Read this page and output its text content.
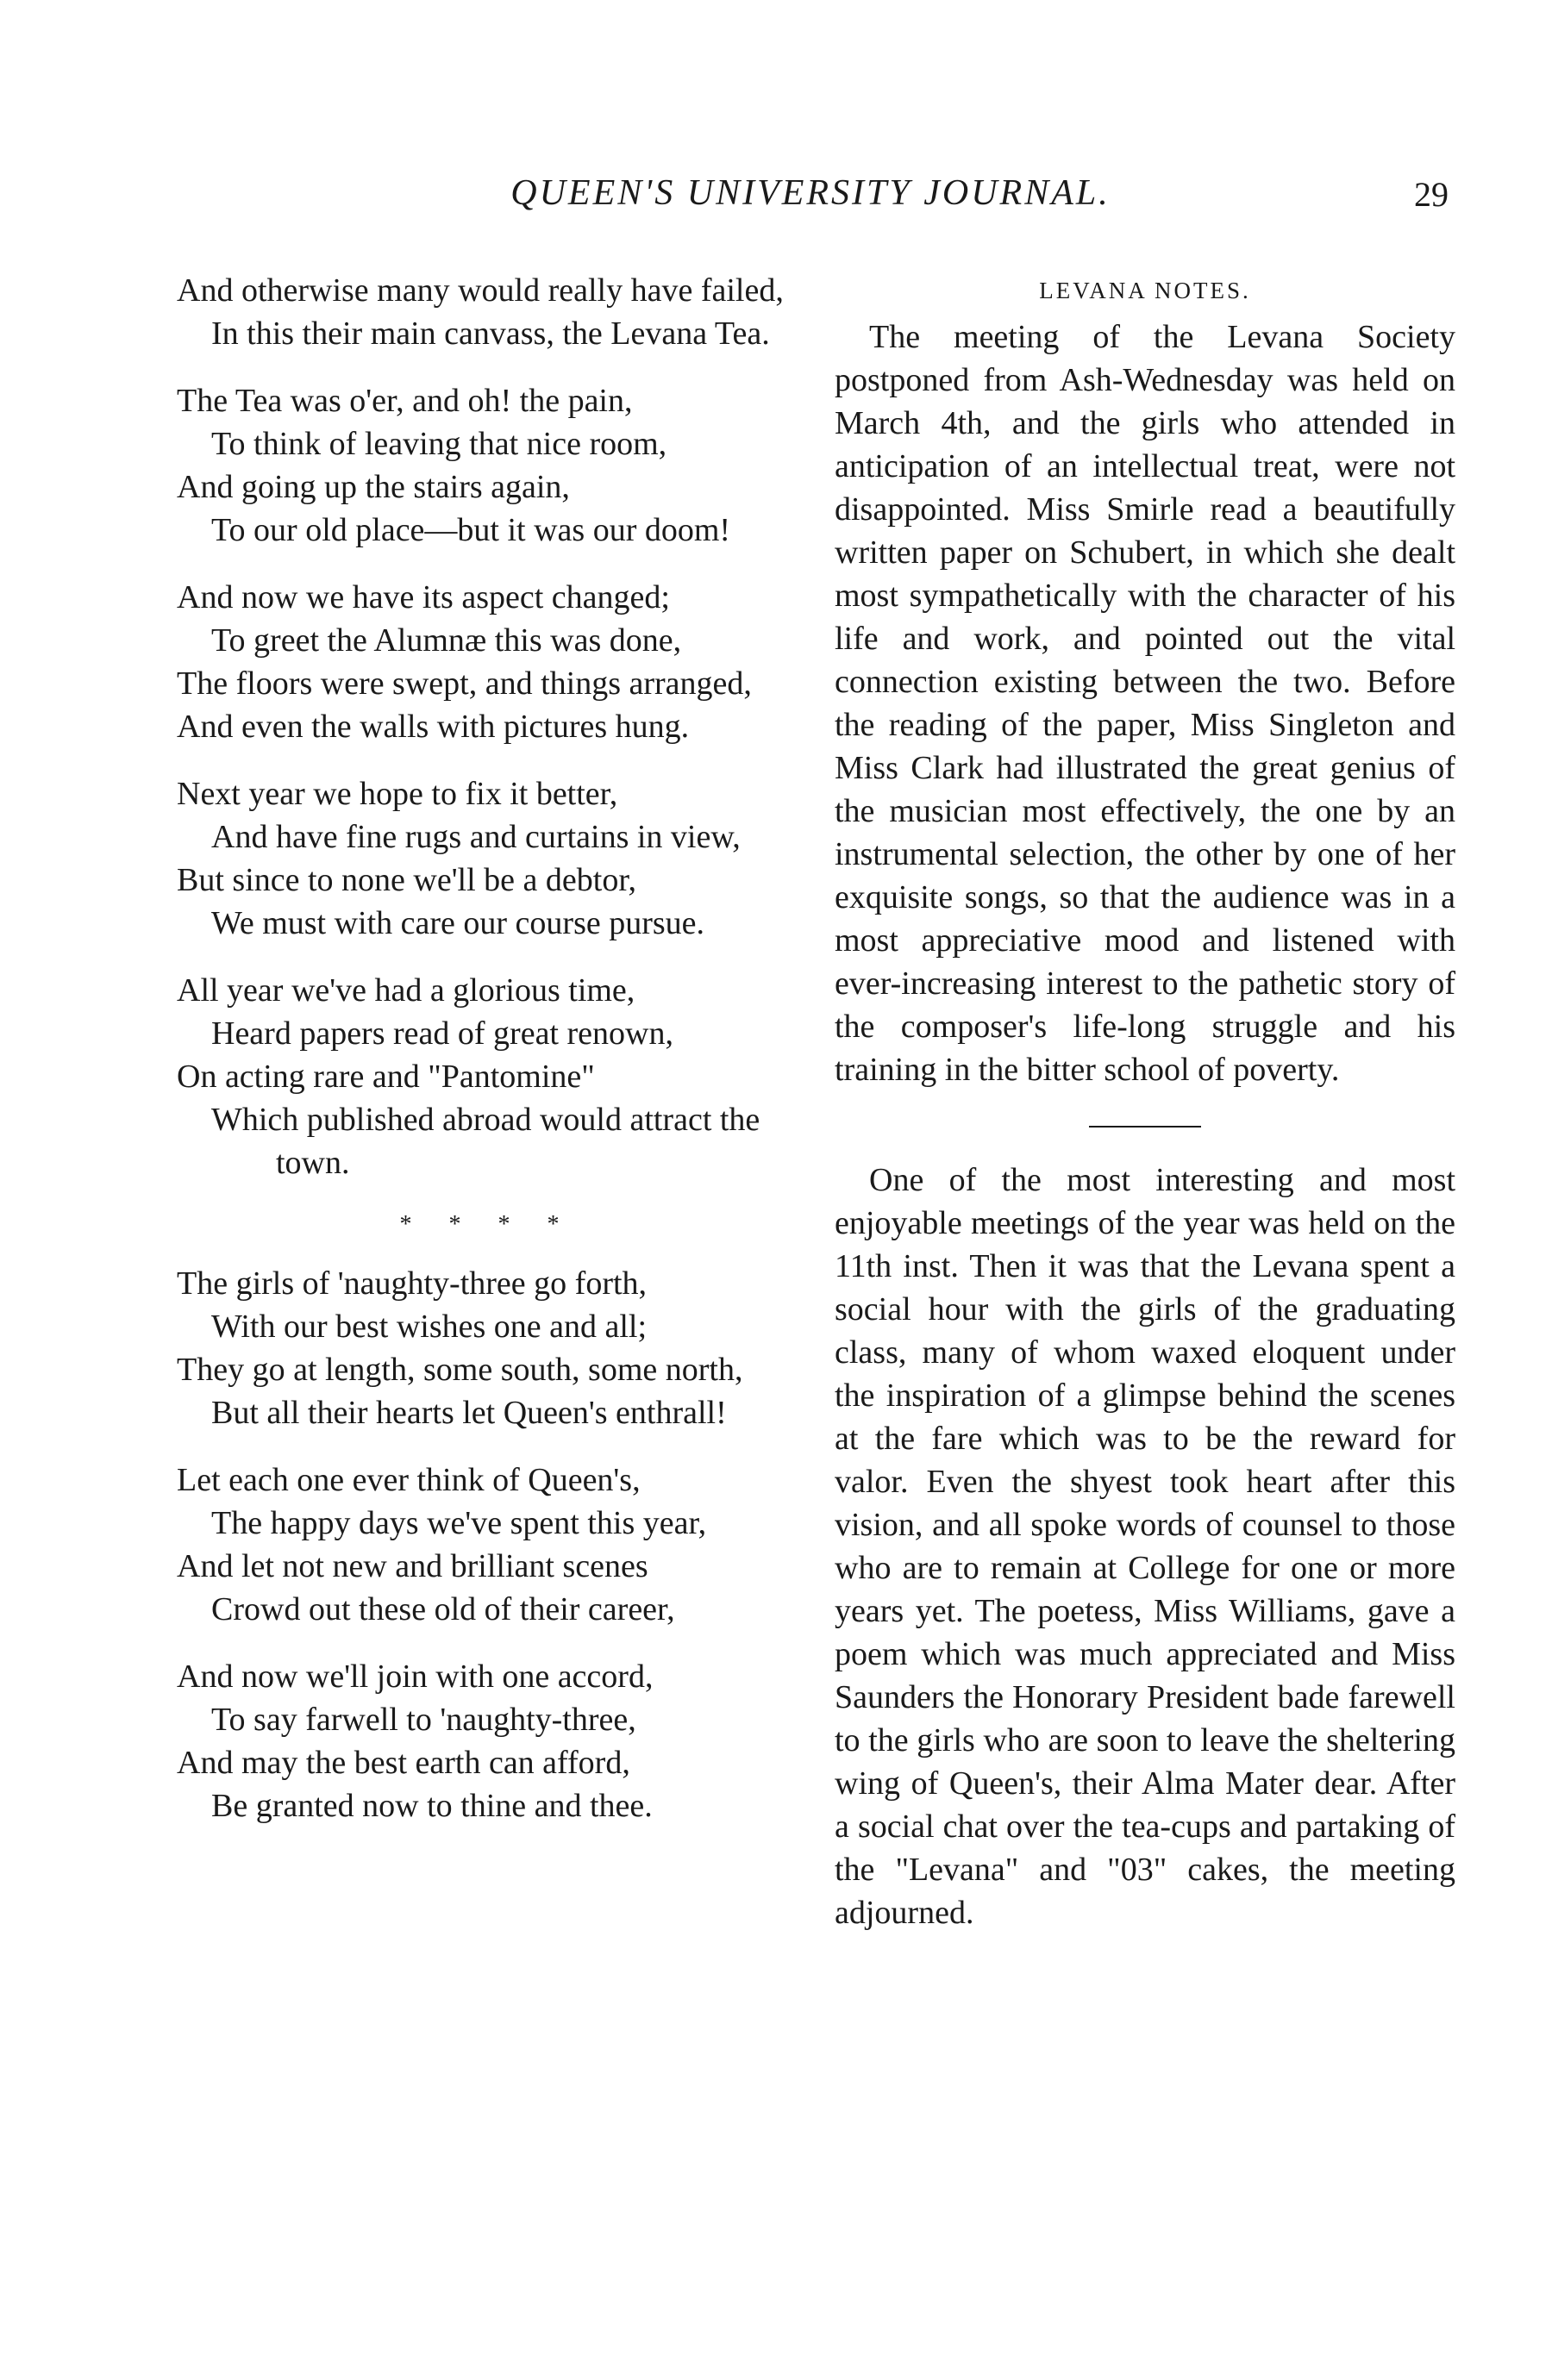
QUEEN'S UNIVERSITY JOURNAL.	29
And otherwise many would really have failed,
In this their main canvass, the Levana Tea.
The Tea was o'er, and oh! the pain,
To think of leaving that nice room,
And going up the stairs again,
To our old place—but it was our doom!
And now we have its aspect changed;
To greet the Alumnæ this was done,
The floors were swept, and things arranged,
And even the walls with pictures hung.
Next year we hope to fix it better,
And have fine rugs and curtains in view,
But since to none we'll be a debtor,
We must with care our course pursue.
All year we've had a glorious time,
Heard papers read of great renown,
On acting rare and "Pantomine"
Which published abroad would attract the town.
* * * *
The girls of 'naughty-three go forth,
With our best wishes one and all;
They go at length, some south, some north,
But all their hearts let Queen's enthrall!
Let each one ever think of Queen's,
The happy days we've spent this year,
And let not new and brilliant scenes
Crowd out these old of their career,
And now we'll join with one accord,
To say farwell to 'naughty-three,
And may the best earth can afford,
Be granted now to thine and thee.
LEVANA NOTES.

The meeting of the Levana Society postponed from Ash-Wednesday was held on March 4th, and the girls who attended in anticipation of an intellectual treat, were not disappointed. Miss Smirle read a beautifully written paper on Schubert, in which she dealt most sympathetically with the character of his life and work, and pointed out the vital connection existing between the two. Before the reading of the paper, Miss Singleton and Miss Clark had illustrated the great genius of the musician most effectively, the one by an instrumental selection, the other by one of her exquisite songs, so that the audience was in a most appreciative mood and listened with ever-increasing interest to the pathetic story of the composer's life-long struggle and his training in the bitter school of poverty.

One of the most interesting and most enjoyable meetings of the year was held on the 11th inst. Then it was that the Levana spent a social hour with the girls of the graduating class, many of whom waxed eloquent under the inspiration of a glimpse behind the scenes at the fare which was to be the reward for valor. Even the shyest took heart after this vision, and all spoke words of counsel to those who are to remain at College for one or more years yet. The poetess, Miss Williams, gave a poem which was much appreciated and Miss Saunders the Honorary President bade farewell to the girls who are soon to leave the sheltering wing of Queen's, their Alma Mater dear. After a social chat over the tea-cups and partaking of the "Levana" and "03" cakes, the meeting adjourned.
